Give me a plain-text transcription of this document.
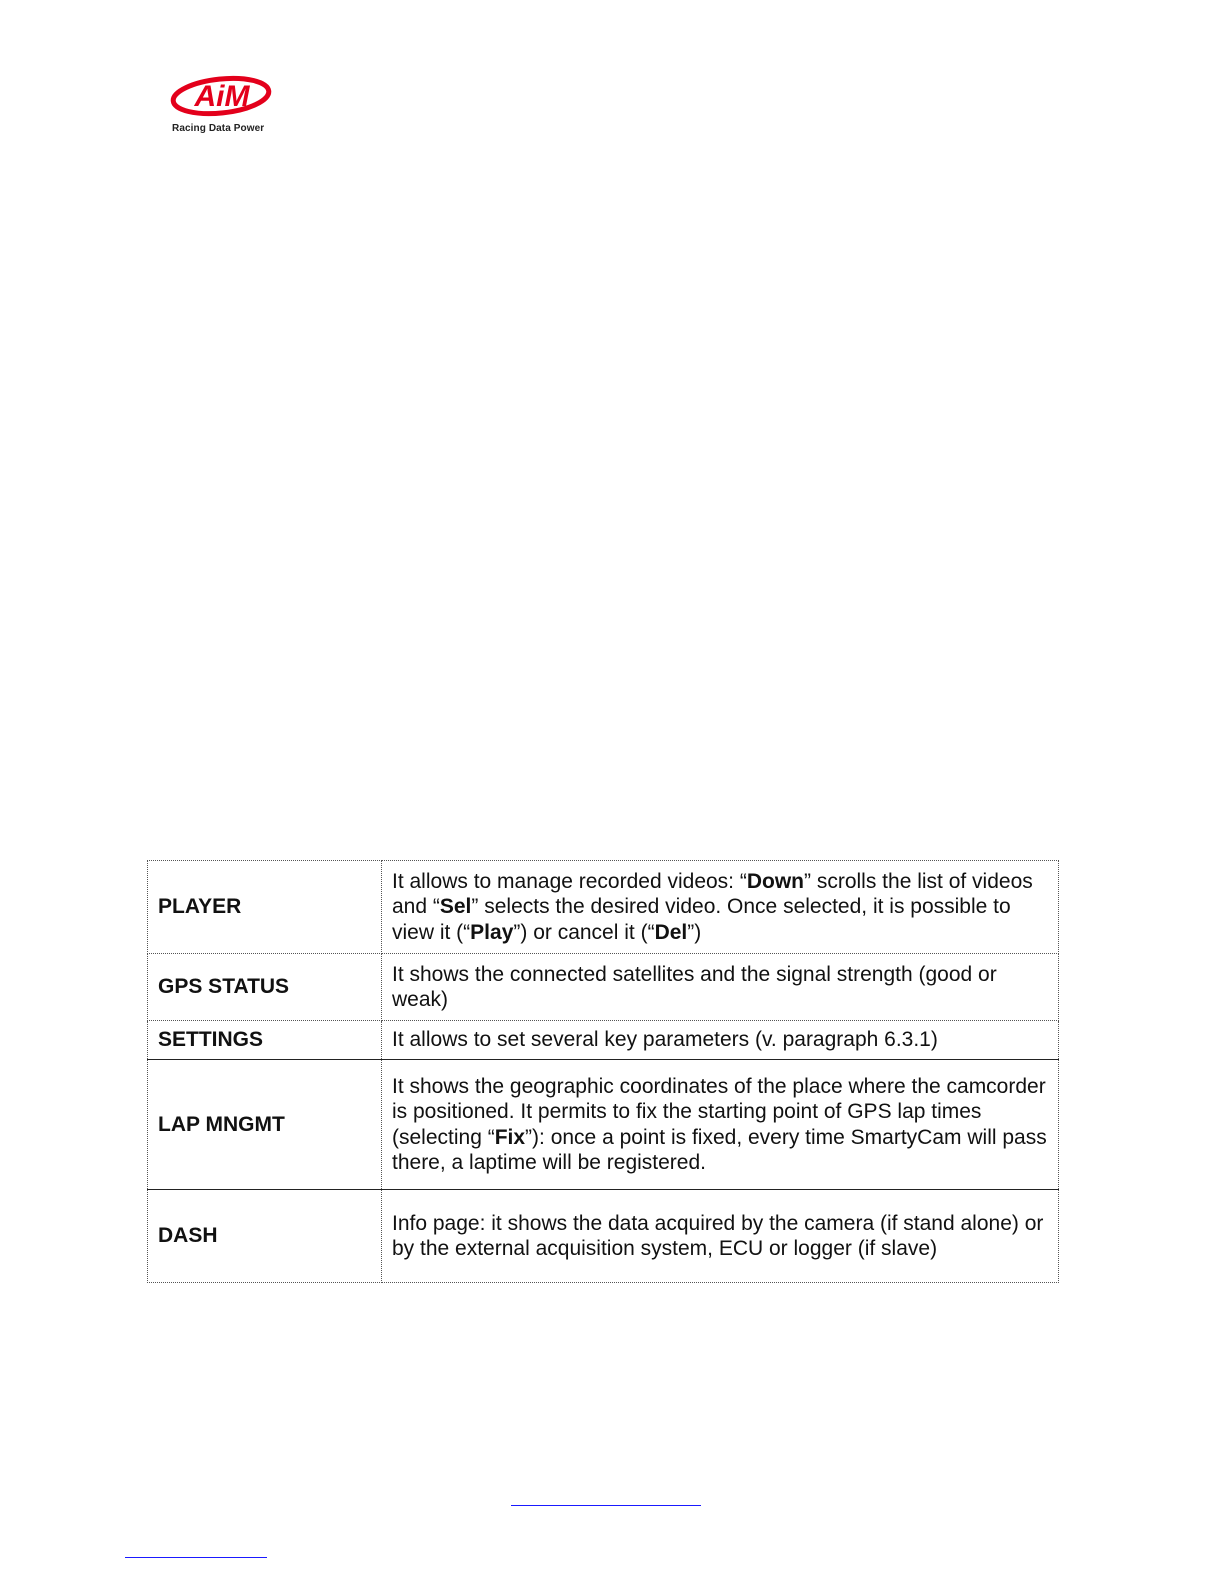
AiM
Racing Data Power
PLAYER	It allows to manage recorded videos: “Down” scrolls the list of videos and “Sel” selects the desired video. Once selected, it is possible to view it (“Play”) or cancel it (“Del”)
GPS STATUS	It shows the connected satellites and the signal strength (good or weak)
SETTINGS	It allows to set several key parameters (v. paragraph 6.3.1)
LAP MNGMT	It shows the geographic coordinates of the place where the camcorder is positioned. It permits to fix the starting point of GPS lap times (selecting “Fix”): once a point is fixed, every time SmartyCam will pass there, a laptime will be registered.
DASH	Info page: it shows the data acquired by the camera (if stand alone) or by the external acquisition system, ECU or logger (if slave)
